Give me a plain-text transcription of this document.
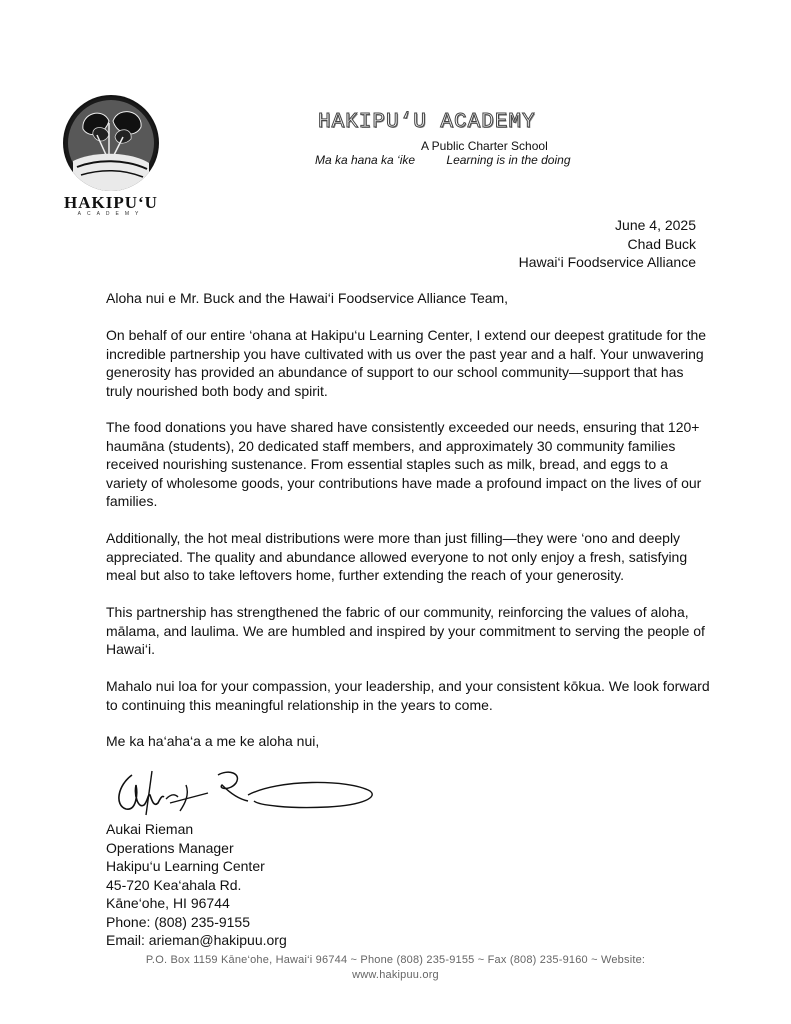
HAKIPU‘U
ACADEMY
HAKIPU‘U ACADEMY
A Public Charter School
Ma ka hana ka ‘ike	Learning is in the doing
June 4, 2025
Chad Buck
Hawai‘i Foodservice Alliance

Aloha nui e Mr. Buck and the Hawai‘i Foodservice Alliance Team,

On behalf of our entire ‘ohana at Hakipu‘u Learning Center, I extend our deepest gratitude for the incredible partnership you have cultivated with us over the past year and a half. Your unwavering generosity has provided an abundance of support to our school community—support that has truly nourished both body and spirit.

The food donations you have shared have consistently exceeded our needs, ensuring that 120+ haumāna (students), 20 dedicated staff members, and approximately 30 community families received nourishing sustenance. From essential staples such as milk, bread, and eggs to a variety of wholesome goods, your contributions have made a profound impact on the lives of our families.

Additionally, the hot meal distributions were more than just filling—they were ‘ono and deeply appreciated. The quality and abundance allowed everyone to not only enjoy a fresh, satisfying meal but also to take leftovers home, further extending the reach of your generosity.

This partnership has strengthened the fabric of our community, reinforcing the values of aloha, mālama, and laulima. We are humbled and inspired by your commitment to serving the people of Hawai‘i.

Mahalo nui loa for your compassion, your leadership, and your consistent kōkua. We look forward to continuing this meaningful relationship in the years to come.

Me ka ha‘aha‘a a me ke aloha nui,

Aukai Rieman
Operations Manager
Hakipu‘u Learning Center
45-720 Kea‘ahala Rd.
Kāne‘ohe, HI 96744
Phone: (808) 235-9155
Email: arieman@hakipuu.org
P.O. Box 1159 Kāne‘ohe, Hawai‘i 96744 ~ Phone (808) 235-9155 ~ Fax (808) 235-9160 ~ Website:
www.hakipuu.org
